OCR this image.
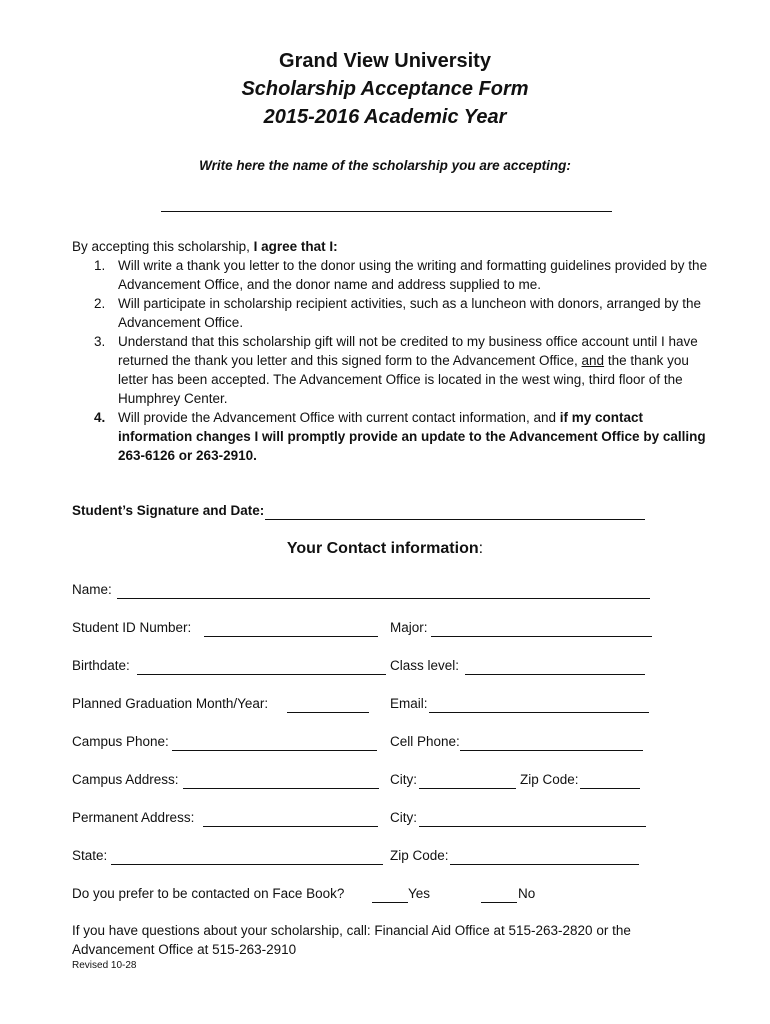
Grand View University
Scholarship Acceptance Form
2015-2016 Academic Year
Write here the name of the scholarship you are accepting:
By accepting this scholarship, I agree that I:
1. Will write a thank you letter to the donor using the writing and formatting guidelines provided by the Advancement Office, and the donor name and address supplied to me.
2. Will participate in scholarship recipient activities, such as a luncheon with donors, arranged by the Advancement Office.
3. Understand that this scholarship gift will not be credited to my business office account until I have returned the thank you letter and this signed form to the Advancement Office, and the thank you letter has been accepted. The Advancement Office is located in the west wing, third floor of the Humphrey Center.
4. Will provide the Advancement Office with current contact information, and if my contact information changes I will promptly provide an update to the Advancement Office by calling 263-6126 or 263-2910.
Student’s Signature and Date:
Your Contact information:
Name:
Student ID Number:	Major:
Birthdate:	Class level:
Planned Graduation Month/Year:	Email:
Campus Phone:	Cell Phone:
Campus Address:	City:	Zip Code:
Permanent Address:	City:
State:	Zip Code:
Do you prefer to be contacted on Face Book?	Yes	No
If you have questions about your scholarship, call: Financial Aid Office at 515-263-2820 or the Advancement Office at 515-263-2910
Revised 10-28
